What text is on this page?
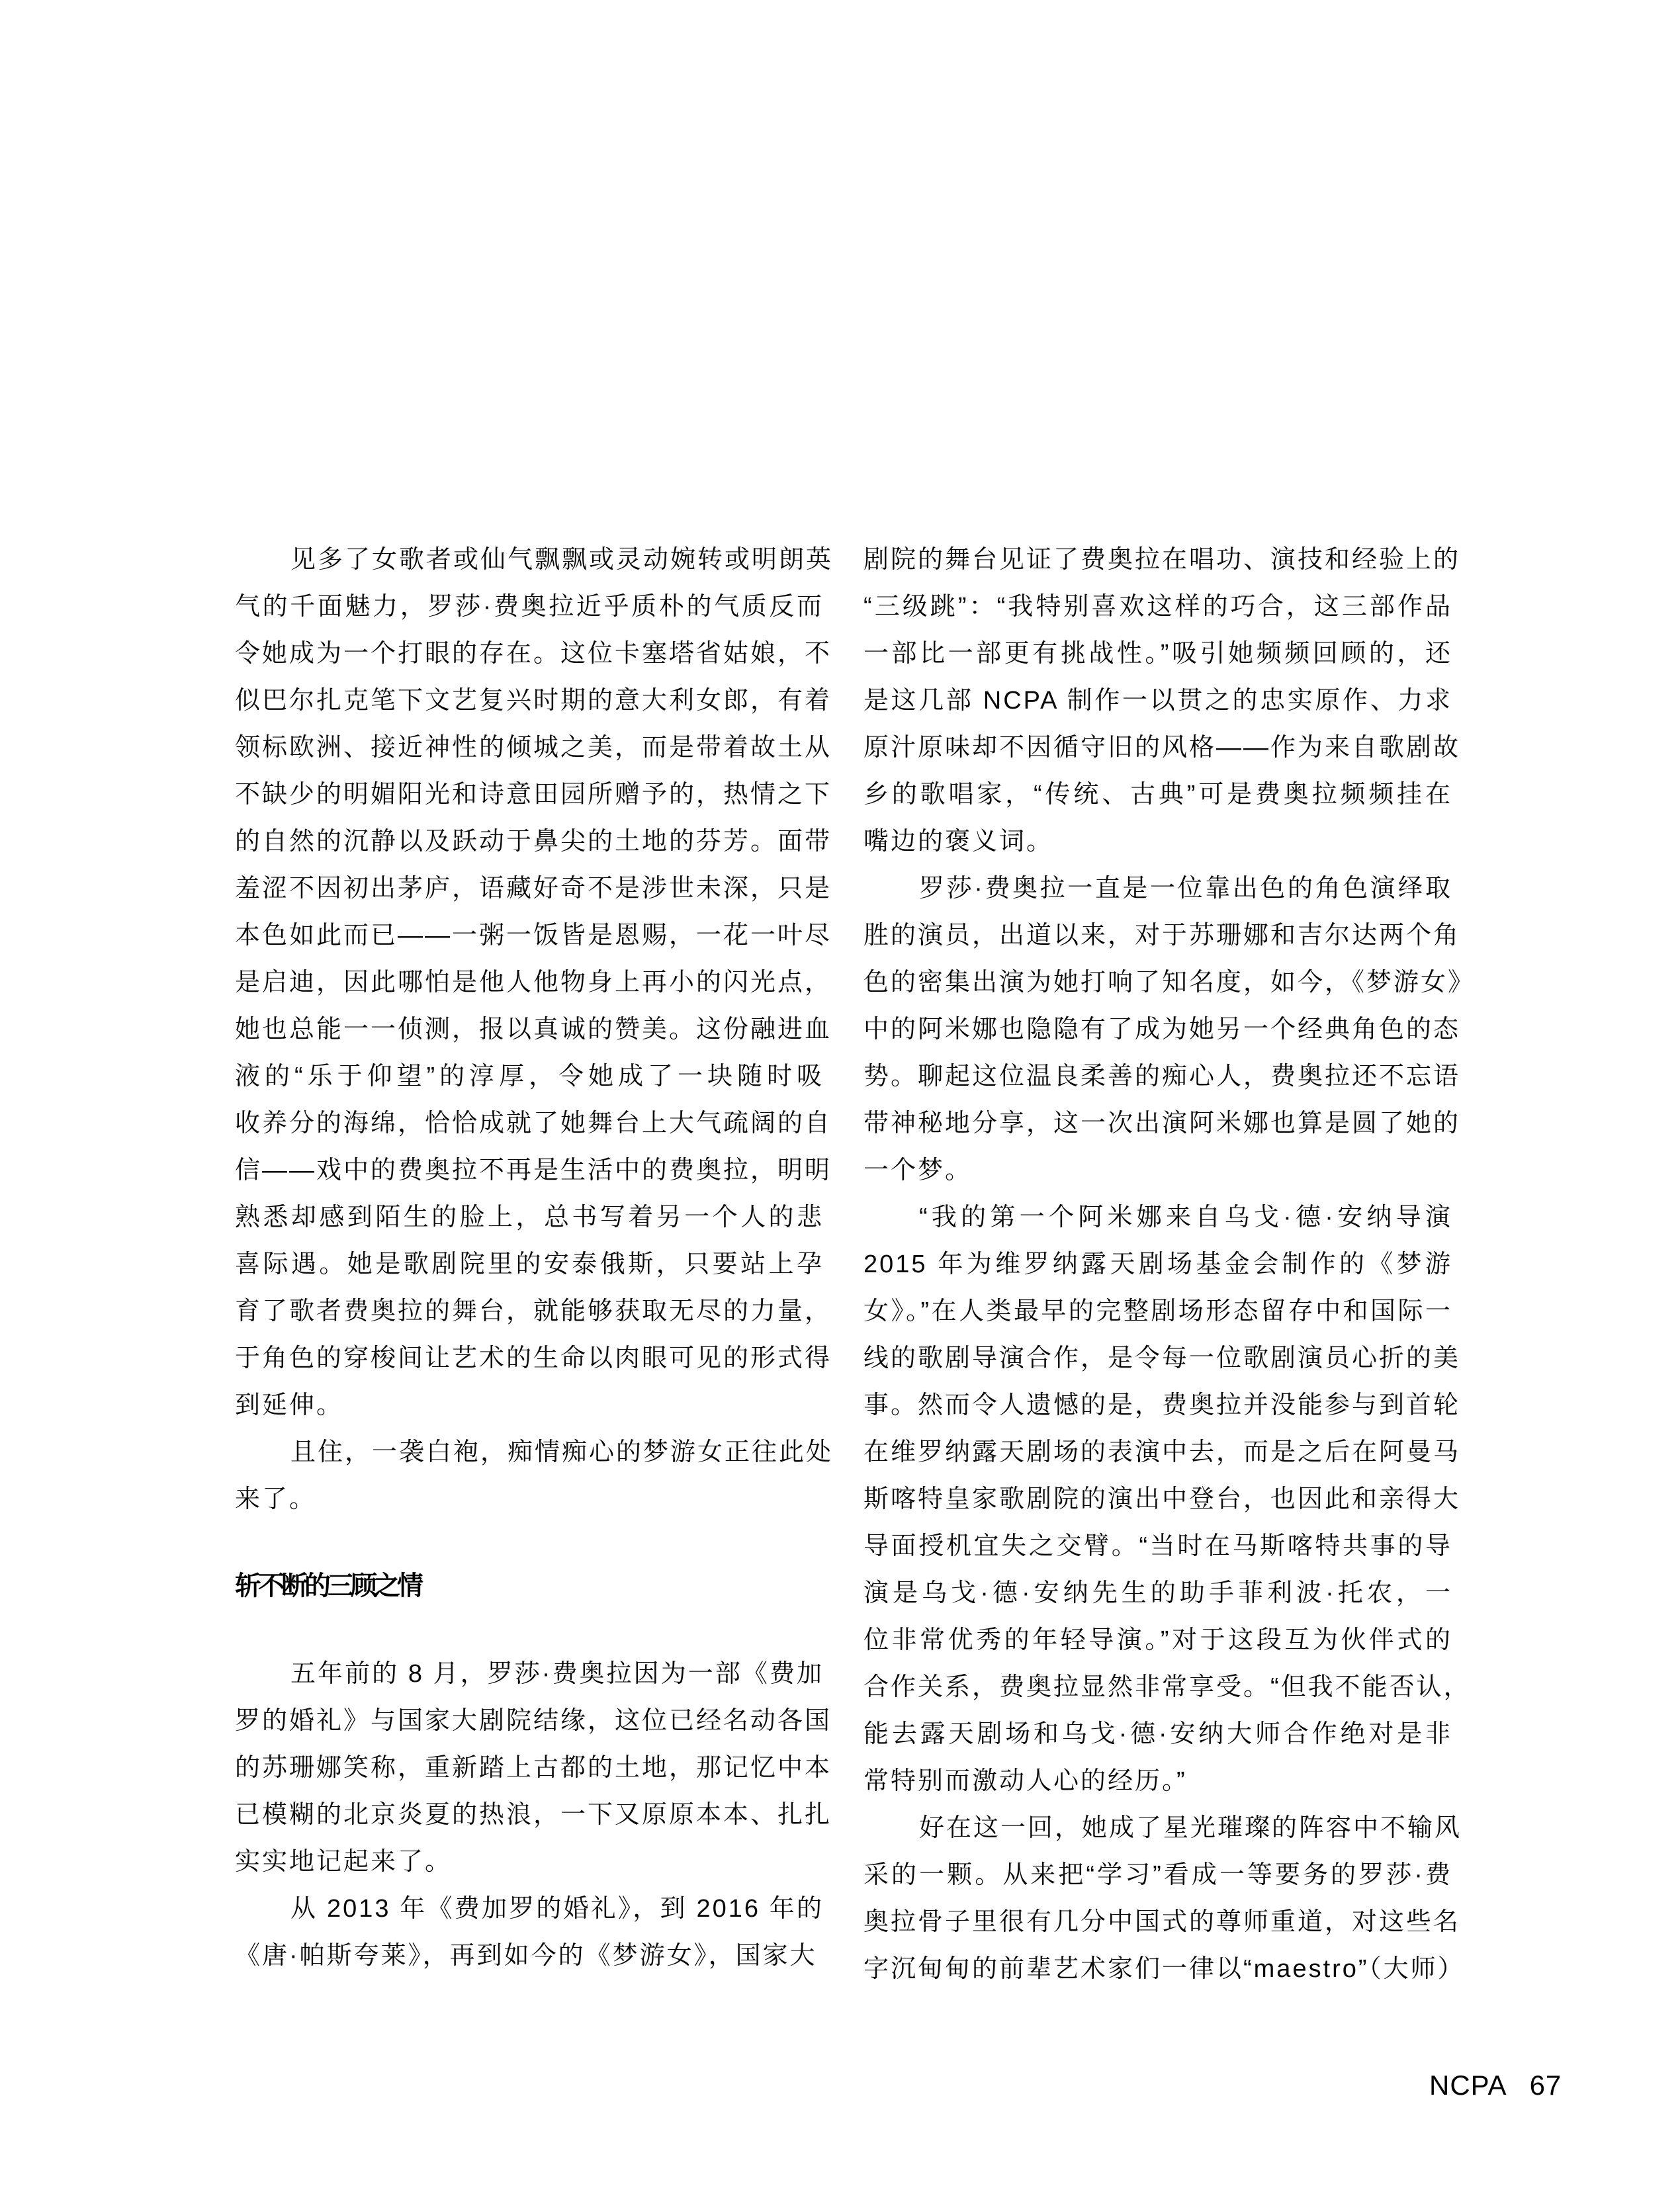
见多了女歌者或仙气飘飘或灵动婉转或明朗英
气的千面魅力，罗莎·费奥拉近乎质朴的气质反而
令她成为一个打眼的存在。这位卡塞塔省姑娘，不
似巴尔扎克笔下文艺复兴时期的意大利女郎，有着
领标欧洲、接近神性的倾城之美，而是带着故土从
不缺少的明媚阳光和诗意田园所赠予的，热情之下
的自然的沉静以及跃动于鼻尖的土地的芬芳。面带
羞涩不因初出茅庐，语藏好奇不是涉世未深，只是
本色如此而已——一粥一饭皆是恩赐，一花一叶尽
是启迪，因此哪怕是他人他物身上再小的闪光点，
她也总能一一侦测，报以真诚的赞美。这份融进血
液的“乐于仰望”的淳厚，令她成了一块随时吸
收养分的海绵，恰恰成就了她舞台上大气疏阔的自
信——戏中的费奥拉不再是生活中的费奥拉，明明
熟悉却感到陌生的脸上，总书写着另一个人的悲
喜际遇。她是歌剧院里的安泰俄斯，只要站上孕
育了歌者费奥拉的舞台，就能够获取无尽的力量，
于角色的穿梭间让艺术的生命以肉眼可见的形式得
到延伸。
且住，一袭白袍，痴情痴心的梦游女正往此处
来了。
斩不断的三顾之情
五年前的 8 月，罗莎·费奥拉因为一部《费加
罗的婚礼》与国家大剧院结缘，这位已经名动各国
的苏珊娜笑称，重新踏上古都的土地，那记忆中本
已模糊的北京炎夏的热浪，一下又原原本本、扎扎
实实地记起来了。
从 2013 年《费加罗的婚礼》，到 2016 年的
《唐·帕斯夸莱》，再到如今的《梦游女》，国家大
剧院的舞台见证了费奥拉在唱功、演技和经验上的
“三级跳”：“我特别喜欢这样的巧合，这三部作品
一部比一部更有挑战性。”吸引她频频回顾的，还
是这几部 NCPA 制作一以贯之的忠实原作、力求
原汁原味却不因循守旧的风格——作为来自歌剧故
乡的歌唱家，“传统、古典”可是费奥拉频频挂在
嘴边的褒义词。
罗莎·费奥拉一直是一位靠出色的角色演绎取
胜的演员，出道以来，对于苏珊娜和吉尔达两个角
色的密集出演为她打响了知名度，如今，《梦游女》
中的阿米娜也隐隐有了成为她另一个经典角色的态
势。聊起这位温良柔善的痴心人，费奥拉还不忘语
带神秘地分享，这一次出演阿米娜也算是圆了她的
一个梦。
“我的第一个阿米娜来自乌戈·德·安纳导演
2015 年为维罗纳露天剧场基金会制作的《梦游
女》。”在人类最早的完整剧场形态留存中和国际一
线的歌剧导演合作，是令每一位歌剧演员心折的美
事。然而令人遗憾的是，费奥拉并没能参与到首轮
在维罗纳露天剧场的表演中去，而是之后在阿曼马
斯喀特皇家歌剧院的演出中登台，也因此和亲得大
导面授机宜失之交臂。“当时在马斯喀特共事的导
演是乌戈·德·安纳先生的助手菲利波·托农，一
位非常优秀的年轻导演。”对于这段互为伙伴式的
合作关系，费奥拉显然非常享受。“但我不能否认，
能去露天剧场和乌戈·德·安纳大师合作绝对是非
常特别而激动人心的经历。”
好在这一回，她成了星光璀璨的阵容中不输风
采的一颗。从来把“学习”看成一等要务的罗莎·费
奥拉骨子里很有几分中国式的尊师重道，对这些名
字沉甸甸的前辈艺术家们一律以“maestro”（大师）
NCPA 67
